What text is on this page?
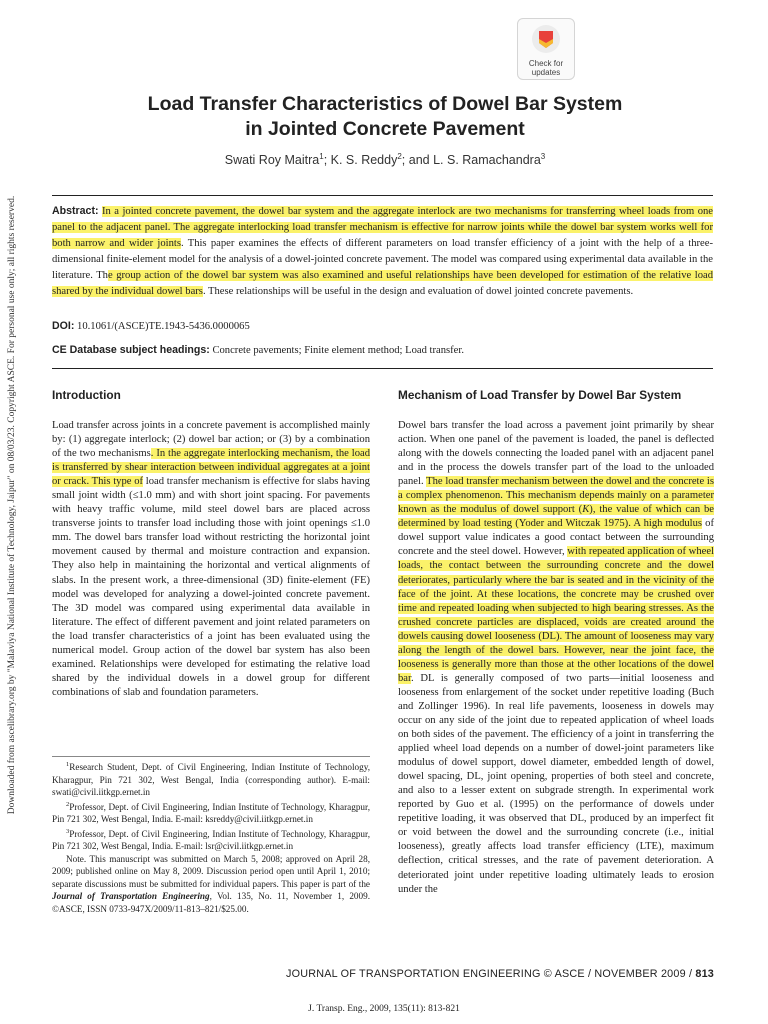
Downloaded from ascelibrary.org by "Malaviya National Institute of Technology, Jaipur" on 08/03/23. Copyright ASCE. For personal use only; all rights reserved.
Check for
updates
Load Transfer Characteristics of Dowel Bar System
in Jointed Concrete Pavement
Swati Roy Maitra$^1$; K. S. Reddy$^2$; and L. S. Ramachandra$^3$

Abstract: In a jointed concrete pavement, the dowel bar system and the aggregate interlock are two mechanisms for transferring wheel loads from one panel to the adjacent panel. The aggregate interlocking load transfer mechanism is effective for narrow joints while the dowel bar system works well for both narrow and wider joints. This paper examines the effects of different parameters on load transfer efficiency of a joint with the help of a three-dimensional finite-element model for the analysis of a dowel-jointed concrete pavement. The model was compared using experimental data available in the literature. The group action of the dowel bar system was also examined and useful relationships have been developed for estimation of the relative load shared by the individual dowel bars. These relationships will be useful in the design and evaluation of dowel jointed concrete pavements.

DOI: 10.1061/(ASCE)TE.1943-5436.0000065
CE Database subject headings: Concrete pavements; Finite element method; Load transfer.
Introduction

Load transfer across joints in a concrete pavement is accomplished mainly by: (1) aggregate interlock; (2) dowel bar action; or (3) by a combination of the two mechanisms. In the aggregate interlocking mechanism, the load is transferred by shear interaction between individual aggregates at a joint or crack. This type of load transfer mechanism is effective for slabs having small joint width (≤1.0 mm) and with short joint spacing. For pavements with heavy traffic volume, mild steel dowel bars are placed across transverse joints to transfer load including those with joint openings ≤1.0 mm. The dowel bars transfer load without restricting the horizontal joint movement caused by thermal and moisture contraction and expansion. They also help in maintaining the horizontal and vertical alignments of slabs. In the present work, a three-dimensional (3D) finite-element (FE) model was developed for analyzing a dowel-jointed concrete pavement. The 3D model was compared using experimental data available in literature. The effect of different pavement and joint related parameters on the load transfer characteristics of a joint has been evaluated using the numerical model. Group action of the dowel bar system has also been examined. Relationships were developed for estimating the relative load shared by the individual dowels in a dowel group for different combinations of slab and foundation parameters.

$^1$Research Student, Dept. of Civil Engineering, Indian Institute of Technology, Kharagpur, Pin 721 302, West Bengal, India (corresponding author). E-mail: swati@civil.iitkgp.ernet.in

$^2$Professor, Dept. of Civil Engineering, Indian Institute of Technology, Kharagpur, Pin 721 302, West Bengal, India. E-mail: ksreddy@civil.iitkgp.ernet.in

$^3$Professor, Dept. of Civil Engineering, Indian Institute of Technology, Kharagpur, Pin 721 302, West Bengal, India. E-mail: lsr@civil.iitkgp.ernet.in

Note. This manuscript was submitted on March 5, 2008; approved on April 28, 2009; published online on May 8, 2009. Discussion period open until April 1, 2010; separate discussions must be submitted for individual papers. This paper is part of the Journal of Transportation Engineering, Vol. 135, No. 11, November 1, 2009. ©ASCE, ISSN 0733-947X/2009/11-813–821/$25.00.

Mechanism of Load Transfer by Dowel Bar System

Dowel bars transfer the load across a pavement joint primarily by shear action. When one panel of the pavement is loaded, the panel is deflected along with the dowels connecting the loaded panel with an adjacent panel and in the process the dowels transfer part of the load to the unloaded panel. The load transfer mechanism between the dowel and the concrete is a complex phenomenon. This mechanism depends mainly on a parameter known as the modulus of dowel support (K), the value of which can be determined by load testing (Yoder and Witczak 1975). A high modulus of dowel support value indicates a good contact between the surrounding concrete and the steel dowel. However, with repeated application of wheel loads, the contact between the surrounding concrete and the dowel deteriorates, particularly where the bar is seated and in the vicinity of the face of the joint. At these locations, the concrete may be crushed over time and repeated loading when subjected to high bearing stresses. As the crushed concrete particles are displaced, voids are created around the dowels causing dowel looseness (DL). The amount of looseness may vary along the length of the dowel bars. However, near the joint face, the looseness is generally more than those at the other locations of the dowel bar. DL is generally composed of two parts—initial looseness and looseness from enlargement of the socket under repetitive loading (Buch and Zollinger 1996). In real life pavements, looseness in dowels may occur on any side of the joint due to repeated application of wheel loads on both sides of the pavement. The efficiency of a joint in transferring the applied wheel load depends on a number of dowel-joint parameters like modulus of dowel support, dowel diameter, embedded length of dowel, dowel spacing, DL, joint opening, properties of both steel and concrete, and also to a lesser extent on subgrade strength. In experimental work reported by Guo et al. (1995) on the performance of dowels under repetitive loading, it was observed that DL, produced by an imperfect fit or void between the dowel and the surrounding concrete (i.e., initial looseness), greatly affects load transfer efficiency (LTE), maximum deflection, critical stresses, and the rate of pavement deterioration. A deteriorated joint under repetitive loading ultimately leads to erosion under the

JOURNAL OF TRANSPORTATION ENGINEERING © ASCE / NOVEMBER 2009 / 813
J. Transp. Eng., 2009, 135(11): 813-821
